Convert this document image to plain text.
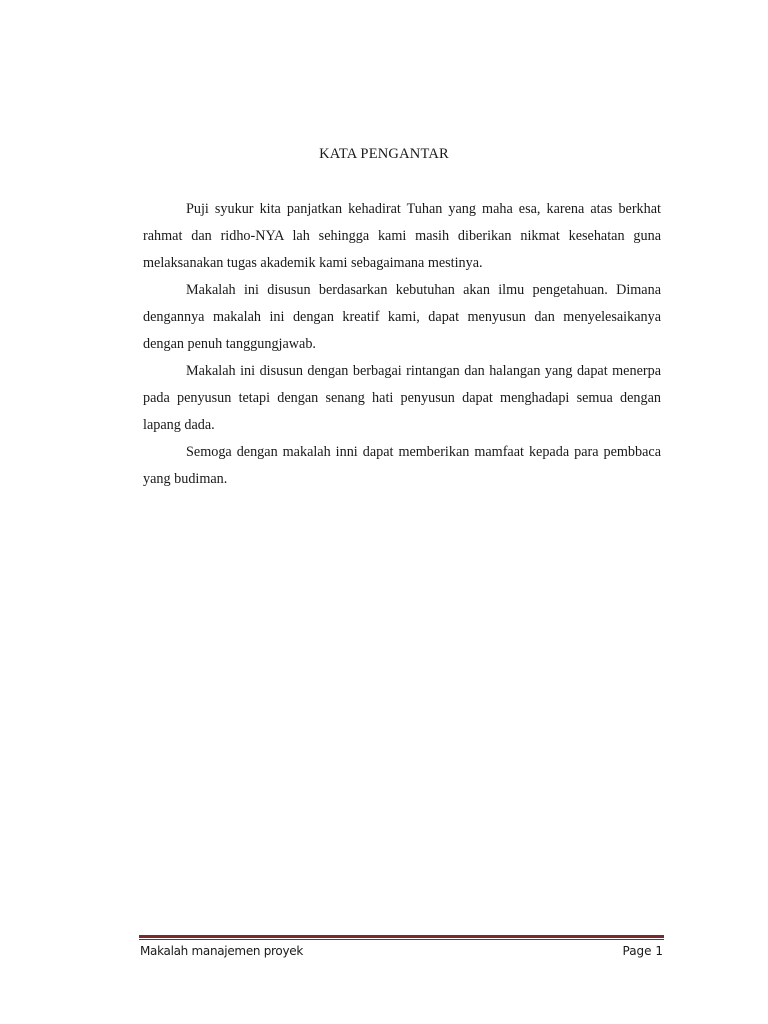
KATA PENGANTAR

Puji syukur kita panjatkan kehadirat Tuhan yang maha esa, karena atas berkhat rahmat dan ridho-NYA lah sehingga kami masih diberikan nikmat kesehatan guna melaksanakan tugas akademik kami sebagaimana mestinya.

Makalah ini disusun berdasarkan kebutuhan akan ilmu pengetahuan. Dimana dengannya makalah ini dengan kreatif kami, dapat menyusun dan menyelesaikanya dengan penuh tanggungjawab.

Makalah ini disusun dengan berbagai rintangan dan halangan yang dapat menerpa pada penyusun tetapi dengan senang hati penyusun dapat menghadapi semua dengan lapang dada.

Semoga dengan makalah inni dapat memberikan mamfaat kepada para pembbaca yang budiman.

Makalah manajemen proyek	Page 1
